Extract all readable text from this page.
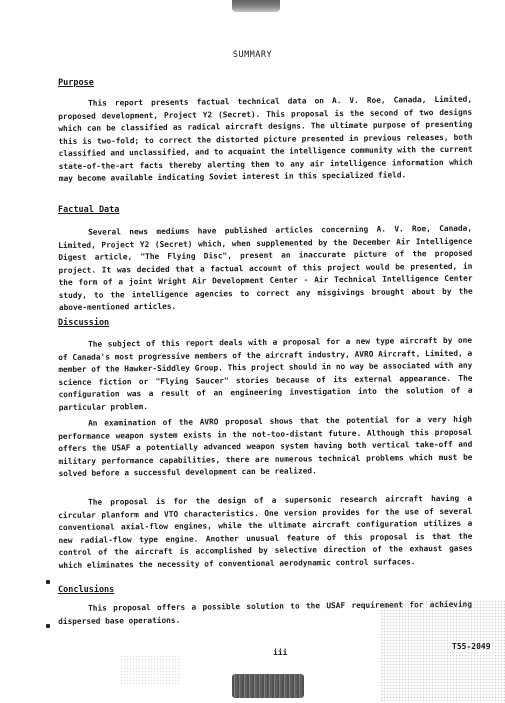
SUMMARY
Purpose

This report presents factual technical data on A. V. Roe, Canada, Limited, proposed development, Project Y2 (Secret). This proposal is the second of two designs which can be classified as radical aircraft designs. The ultimate purpose of presenting this is two-fold; to correct the distorted picture presented in previous releases, both classified and unclassified, and to acquaint the intelligence community with the current state-of-the-art facts thereby alerting them to any air intelligence information which may become available indicating Soviet interest in this specialized field.

Factual Data

Several news mediums have published articles concerning A. V. Roe, Canada, Limited, Project Y2 (Secret) which, when supplemented by the December Air Intelligence Digest article, "The Flying Disc", present an inaccurate picture of the proposed project. It was decided that a factual account of this project would be presented, in the form of a joint Wright Air Development Center - Air Technical Intelligence Center study, to the intelligence agencies to correct any misgivings brought about by the above-mentioned articles.

Discussion

The subject of this report deals with a proposal for a new type aircraft by one of Canada's most progressive members of the aircraft industry, AVRO Aircraft, Limited, a member of the Hawker-Siddley Group. This project should in no way be associated with any science fiction or "Flying Saucer" stories because of its external appearance. The configuration was a result of an engineering investigation into the solution of a particular problem.

An examination of the AVRO proposal shows that the potential for a very high performance weapon system exists in the not-too-distant future. Although this proposal offers the USAF a potentially advanced weapon system having both vertical take-off and military performance capabilities, there are numerous technical problems which must be solved before a successful development can be realized.

The proposal is for the design of a supersonic research aircraft having a circular planform and VTO characteristics. One version provides for the use of several conventional axial-flow engines, while the ultimate aircraft configuration utilizes a new radial-flow type engine. Another unusual feature of this proposal is that the control of the aircraft is accomplished by selective direction of the exhaust gases which eliminates the necessity of conventional aerodynamic control surfaces.

Conclusions

This proposal offers a possible solution to the USAF requirement for achieving dispersed base operations.

iii
T55-2049
